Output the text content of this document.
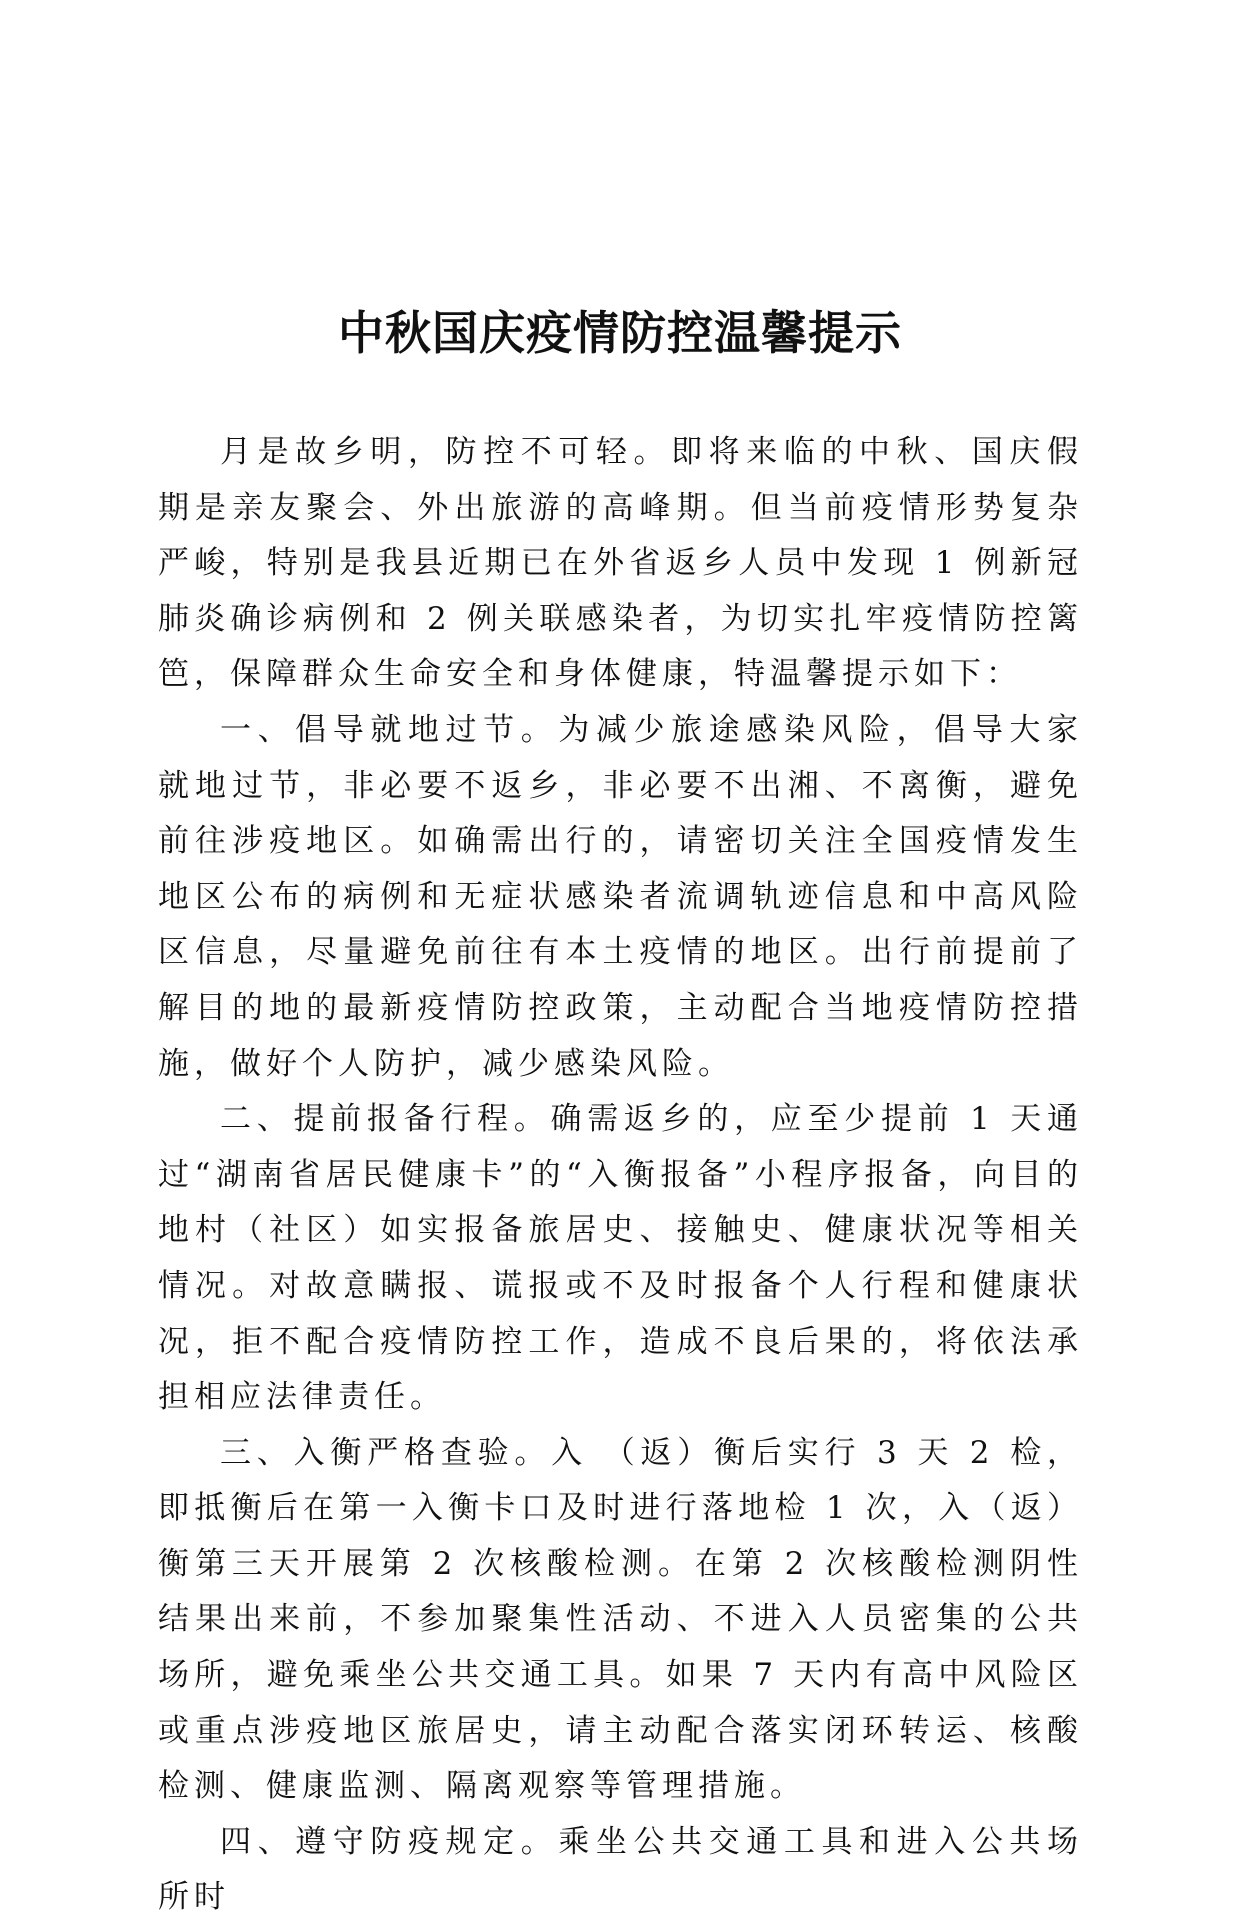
中秋国庆疫情防控温馨提示

月是故乡明，防控不可轻。即将来临的中秋、国庆假期是亲友聚会、外出旅游的高峰期。但当前疫情形势复杂严峻，特别是我县近期已在外省返乡人员中发现 1 例新冠肺炎确诊病例和 2 例关联感染者，为切实扎牢疫情防控篱笆，保障群众生命安全和身体健康，特温馨提示如下：

一、倡导就地过节。为减少旅途感染风险，倡导大家就地过节，非必要不返乡，非必要不出湘、不离衡，避免前往涉疫地区。如确需出行的，请密切关注全国疫情发生地区公布的病例和无症状感染者流调轨迹信息和中高风险区信息，尽量避免前往有本土疫情的地区。出行前提前了解目的地的最新疫情防控政策，主动配合当地疫情防控措施，做好个人防护，减少感染风险。

二、提前报备行程。确需返乡的，应至少提前 1 天通过“湖南省居民健康卡”的“入衡报备”小程序报备，向目的地村（社区）如实报备旅居史、接触史、健康状况等相关情况。对故意瞒报、谎报或不及时报备个人行程和健康状况，拒不配合疫情防控工作，造成不良后果的，将依法承担相应法律责任。

三、入衡严格查验。入 （返）衡后实行 3 天 2 检，即抵衡后在第一入衡卡口及时进行落地检 1 次，入（返）衡第三天开展第 2 次核酸检测。在第 2 次核酸检测阴性结果出来前，不参加聚集性活动、不进入人员密集的公共场所，避免乘坐公共交通工具。如果 7 天内有高中风险区或重点涉疫地区旅居史，请主动配合落实闭环转运、核酸检测、健康监测、隔离观察等管理措施。

四、遵守防疫规定。乘坐公共交通工具和进入公共场所时
